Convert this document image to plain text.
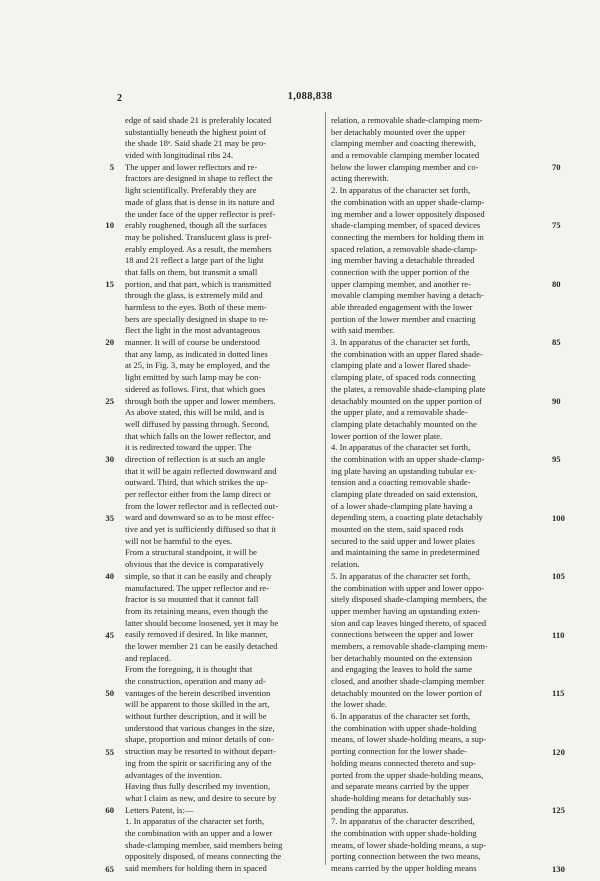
2	1,088,838
edge of said shade 21 is preferably located
substantially beneath the highest point of
the shade 18ᵃ. Said shade 21 may be pro-
vided with longitudinal ribs 24.
The upper and lower reflectors and re-
fractors are designed in shape to reflect the
light scientifically. Preferably they are
made of glass that is dense in its nature and
the under face of the upper reflector is pref-
erably roughened, though all the surfaces
may be polished. Translucent glass is pref-
erably employed. As a result, the members
18 and 21 reflect a large part of the light
that falls on them, but transmit a small
portion, and that part, which is transmitted
through the glass, is extremely mild and
harmless to the eyes. Both of these mem-
bers are specially designed in shape to re-
flect the light in the most advantageous
manner. It will of course be understood
that any lamp, as indicated in dotted lines
at 25, in Fig. 3, may be employed, and the
light emitted by such lamp may be con-
sidered as follows. First, that which goes
through both the upper and lower members.
As above stated, this will be mild, and is
well diffused by passing through. Second,
that which falls on the lower reflector, and
it is redirected toward the upper. The
direction of reflection is at such an angle
that it will be again reflected downward and
outward. Third, that which strikes the up-
per reflector either from the lamp direct or
from the lower reflector and is reflected out-
ward and downward so as to be most effec-
tive and yet is sufficiently diffused so that it
will not be harmful to the eyes.
From a structural standpoint, it will be
obvious that the device is comparatively
simple, so that it can be easily and cheaply
manufactured. The upper reflector and re-
fractor is so mounted that it cannot fall
from its retaining means, even though the
latter should become loosened, yet it may be
easily removed if desired. In like manner,
the lower member 21 can be easily detached
and replaced.
From the foregoing, it is thought that
the construction, operation and many ad-
vantages of the herein described invention
will be apparent to those skilled in the art,
without further description, and it will be
understood that various changes in the size,
shape, proportion and minor details of con-
struction may be resorted to without depart-
ing from the spirit or sacrificing any of the
advantages of the invention.
Having thus fully described my invention,
what I claim as new, and desire to secure by
Letters Patent, is:—
1. In apparatus of the character set forth,
the combination with an upper and a lower
shade-clamping member, said members being
oppositely disposed, of means connecting the
said members for holding them in spaced
relation, a removable shade-clamping mem-
ber detachably mounted over the upper
clamping member and coacting therewith,
and a removable clamping member located
below the lower clamping member and co-
acting therewith.
2. In apparatus of the character set forth,
the combination with an upper shade-clamp-
ing member and a lower oppositely disposed
shade-clamping member, of spaced devices
connecting the members for holding them in
spaced relation, a removable shade-clamp-
ing member having a detachable threaded
connection with the upper portion of the
upper clamping member, and another re-
movable clamping member having a detach-
able threaded engagement with the lower
portion of the lower member and coacting
with said member.
3. In apparatus of the character set forth,
the combination with an upper flared shade-
clamping plate and a lower flared shade-
clamping plate, of spaced rods connecting
the plates, a removable shade-clamping plate
detachably mounted on the upper portion of
the upper plate, and a removable shade-
clamping plate detachably mounted on the
lower portion of the lower plate.
4. In apparatus of the character set forth,
the combination with an upper shade-clamp-
ing plate having an upstanding tubular ex-
tension and a coacting removable shade-
clamping plate threaded on said extension,
of a lower shade-clamping plate having a
depending stem, a coacting plate detachably
mounted on the stem, said spaced rods
secured to the said upper and lower plates
and maintaining the same in predetermined
relation.
5. In apparatus of the character set forth,
the combination with upper and lower oppo-
sitely disposed shade-clamping members, the
upper member having an upstanding exten-
sion and cap leaves hinged thereto, of spaced
connections between the upper and lower
members, a removable shade-clamping mem-
ber detachably mounted on the extension
and engaging the leaves to hold the same
closed, and another shade-clamping member
detachably mounted on the lower portion of
the lower shade.
6. In apparatus of the character set forth,
the combination with upper shade-holding
means, of lower shade-holding means, a sup-
porting connection for the lower shade-
holding means connected thereto and sup-
ported from the upper shade-holding means,
and separate means carried by the upper
shade-holding means for detachably sus-
pending the apparatus.
7. In apparatus of the character described,
the combination with upper shade-holding
means, of lower shade-holding means, a sup-
porting connection between the two means,
means carried by the upper holding means
5
10
15
20
25
30
35
40
45
50
55
60
65
70
75
80
85
90
95
100
105
110
115
120
125
130
